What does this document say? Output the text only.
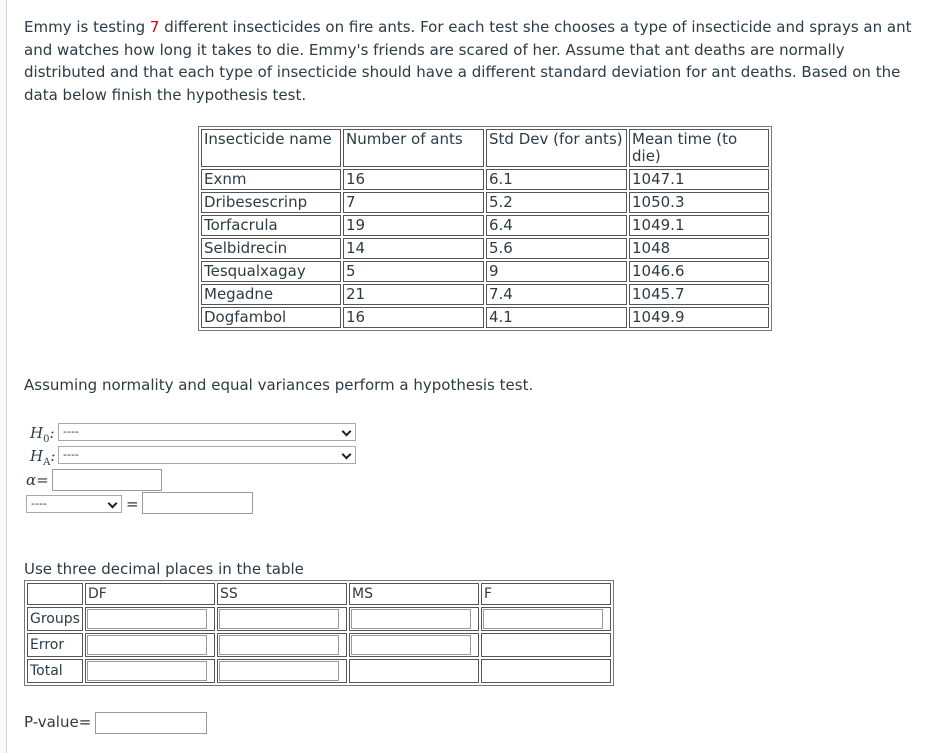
Emmy is testing 7 different insecticides on fire ants. For each test she chooses a type of insecticide and sprays an ant and watches how long it takes to die. Emmy's friends are scared of her. Assume that ant deaths are normally distributed and that each type of insecticide should have a different standard deviation for ant deaths. Based on the data below finish the hypothesis test.
Insecticide name	Number of ants	Std Dev (for ants)	Mean time (to die)
Exnm	16	6.1	1047.1
Dribesescrinp	7	5.2	1050.3
Torfacrula	19	6.4	1049.1
Selbidrecin	14	5.6	1048
Tesqualxagay	5	9	1046.6
Megadne	21	7.4	1045.7
Dogfambol	16	4.1	1049.9
Assuming normality and equal variances perform a hypothesis test.
$H_0$: ----
$H_A$: ----
α=
----	=
Use three decimal places in the table
	DF	SS	MS	F
Groups	

Error	

Total	

P-value=
